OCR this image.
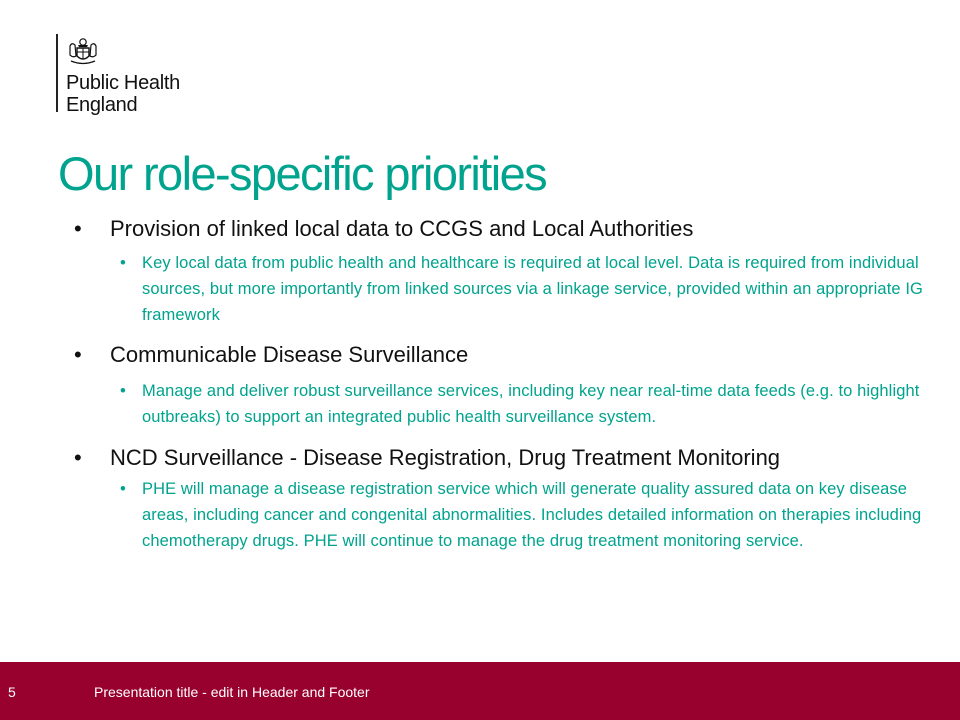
Public Health
England
Our role-specific priorities
• Provision of linked local data to CCGS and Local Authorities
• Key local data from public health and healthcare is required at local level. Data is required from individual sources, but more importantly from linked sources via a linkage service, provided within an appropriate IG framework
• Communicable Disease Surveillance
• Manage and deliver robust surveillance services, including key near real-time data feeds (e.g. to highlight outbreaks) to support an integrated public health surveillance system.
• NCD Surveillance - Disease Registration, Drug Treatment Monitoring
• PHE will manage a disease registration service which will generate quality assured data on key disease areas, including cancer and congenital abnormalities. Includes detailed information on therapies including chemotherapy drugs. PHE will continue to manage the drug treatment monitoring service.
5	Presentation title - edit in Header and Footer
